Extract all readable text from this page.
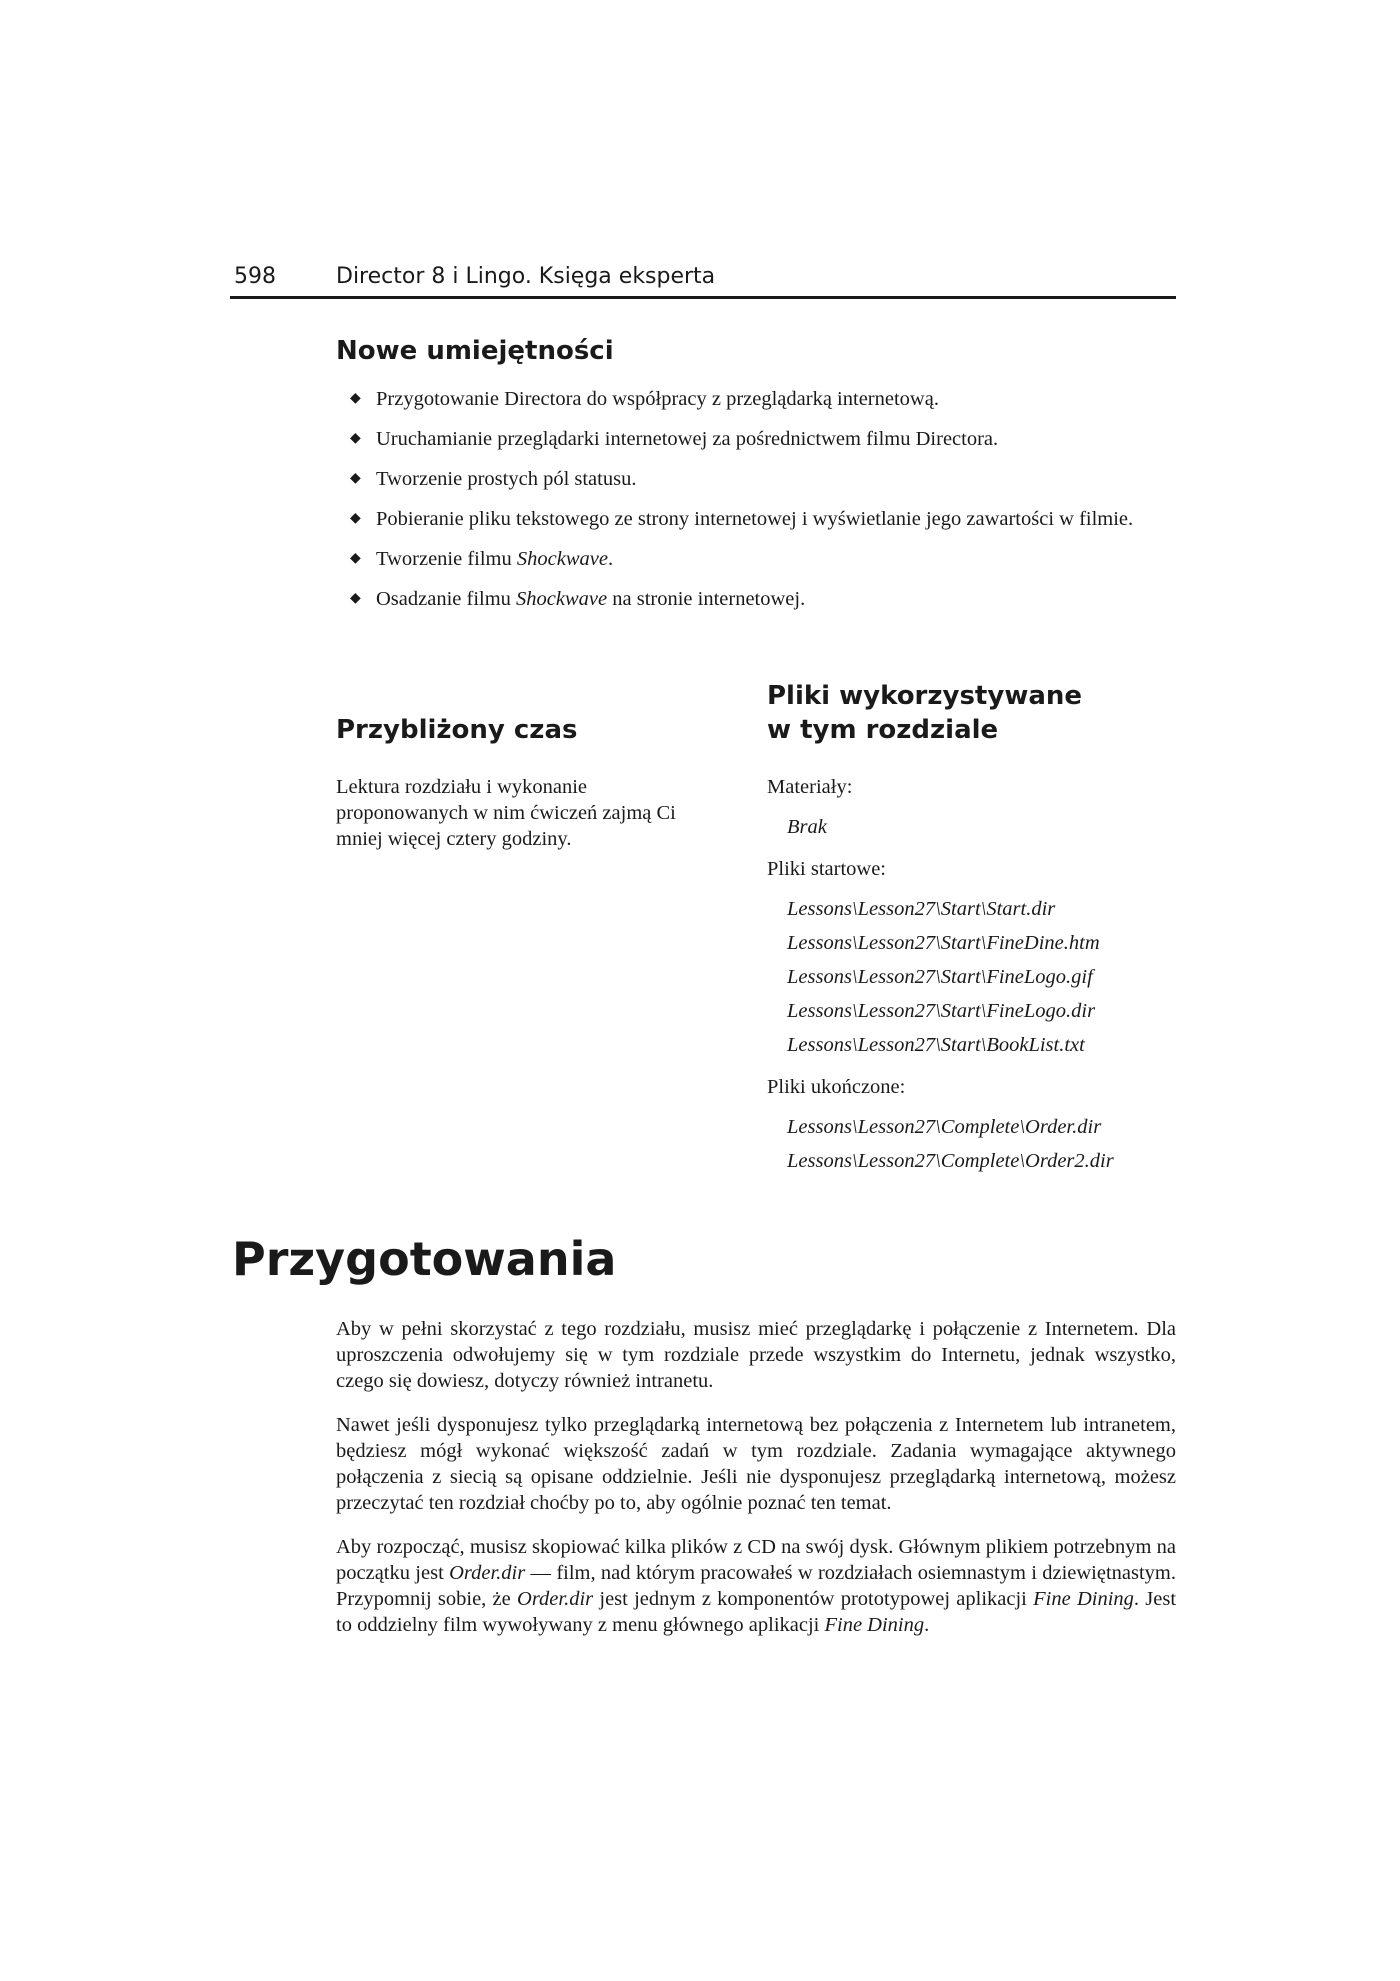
598	Director 8 i Lingo. Księga eksperta
Nowe umiejętności
◆ Przygotowanie Directora do współpracy z przeglądarką internetową.
◆ Uruchamianie przeglądarki internetowej za pośrednictwem filmu Directora.
◆ Tworzenie prostych pól statusu.
◆ Pobieranie pliku tekstowego ze strony internetowej i wyświetlanie jego zawartości w filmie.
◆ Tworzenie filmu Shockwave.
◆ Osadzanie filmu Shockwave na stronie internetowej.
Przybliżony czas

Lektura rozdziału i wykonanie proponowanych w nim ćwiczeń zajmą Ci mniej więcej cztery godziny.

Pliki wykorzystywane
w tym rozdziale

Materiały:

Brak

Pliki startowe:

Lessons\Lesson27\Start\Start.dir

Lessons\Lesson27\Start\FineDine.htm

Lessons\Lesson27\Start\FineLogo.gif

Lessons\Lesson27\Start\FineLogo.dir

Lessons\Lesson27\Start\BookList.txt

Pliki ukończone:

Lessons\Lesson27\Complete\Order.dir

Lessons\Lesson27\Complete\Order2.dir

Przygotowania

Aby w pełni skorzystać z tego rozdziału, musisz mieć przeglądarkę i połączenie z Internetem. Dla uproszczenia odwołujemy się w tym rozdziale przede wszystkim do Internetu, jednak wszystko, czego się dowiesz, dotyczy również intranetu.

Nawet jeśli dysponujesz tylko przeglądarką internetową bez połączenia z Internetem lub intranetem, będziesz mógł wykonać większość zadań w tym rozdziale. Zadania wymagające aktywnego połączenia z siecią są opisane oddzielnie. Jeśli nie dysponujesz przeglądarką internetową, możesz przeczytać ten rozdział choćby po to, aby ogólnie poznać ten temat.

Aby rozpocząć, musisz skopiować kilka plików z CD na swój dysk. Głównym plikiem potrzebnym na początku jest Order.dir — film, nad którym pracowałeś w rozdziałach osiemnastym i dziewiętnastym. Przypomnij sobie, że Order.dir jest jednym z komponentów prototypowej aplikacji Fine Dining. Jest to oddzielny film wywoływany z menu głównego aplikacji Fine Dining.
